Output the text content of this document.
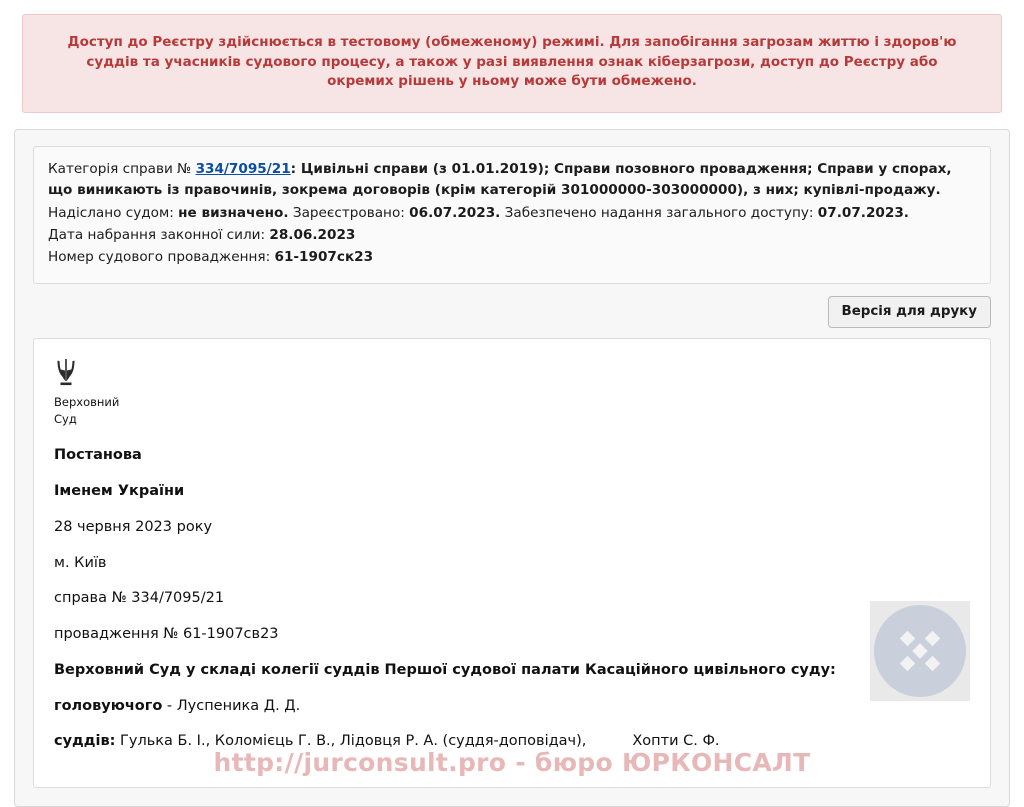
Доступ до Реєстру здійснюється в тестовому (обмеженому) режимі. Для запобігання загрозам життю і здоров'ю суддів та учасників судового процесу, а також у разі виявлення ознак кіберзагрози, доступ до Реєстру або окремих рішень у ньому може бути обмежено.

Категорія справи № 334/7095/21: Цивільні справи (з 01.01.2019); Справи позовного провадження; Справи у спорах, що виникають із правочинів, зокрема договорів (крім категорій 301000000-303000000), з них; купівлі-продажу.
Надіслано судом: не визначено. Зареєстровано: 06.07.2023. Забезпечено надання загального доступу: 07.07.2023.
Дата набрання законної сили: 28.06.2023
Номер судового провадження: 61-1907ск23
Версія для друку
Верховний
Суд

Постанова

Іменем України

28 червня 2023 року

м. Київ

справа № 334/7095/21

провадження № 61-1907св23

Верховний Суд у складі колегії суддів Першої судової палати Касаційного цивільного суду:

головуючого - Луспеника Д. Д.

суддів: Гулька Б. І., Коломієць Г. В., Лідовця Р. А. (суддя-доповідач),	Хопти С. Ф.

http://jurconsult.pro - бюро ЮРКОНСАЛТ
